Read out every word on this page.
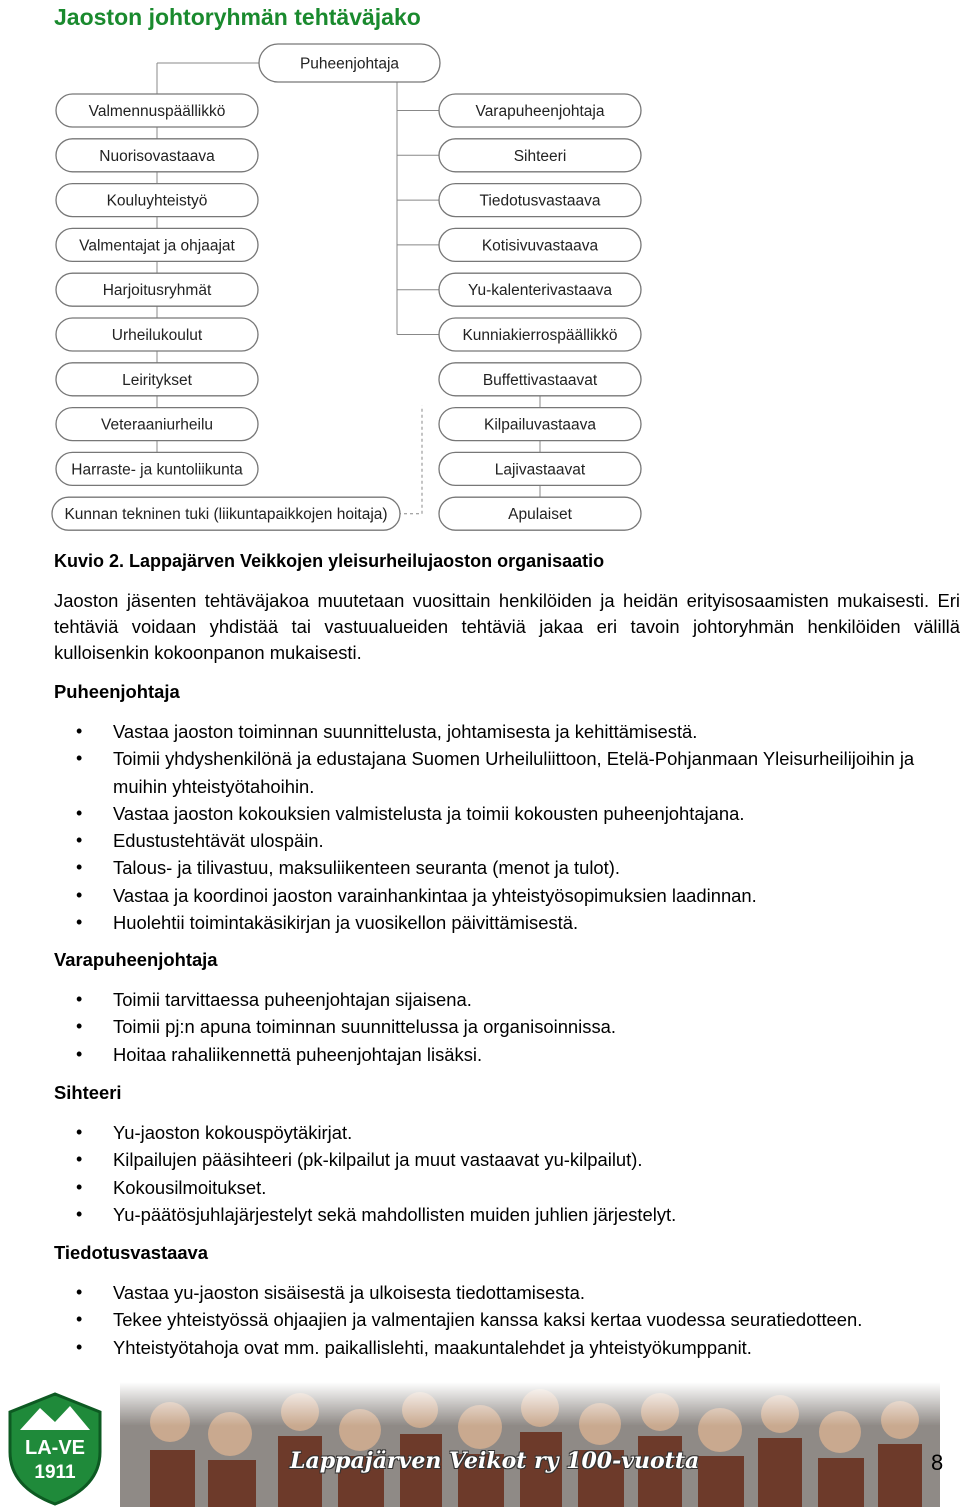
Jaoston johtoryhmän tehtäväjako
Puheenjohtaja
Valmennuspäällikkö
Nuorisovastaava
Kouluyhteistyö
Valmentajat ja ohjaajat
Harjoitusryhmät
Urheilukoulut
Leiritykset
Veteraaniurheilu
Harraste- ja kuntoliikunta
Kunnan tekninen tuki (liikuntapaikkojen hoitaja)
Varapuheenjohtaja
Sihteeri
Tiedotusvastaava
Kotisivuvastaava
Yu-kalenterivastaava
Kunniakierrospäällikkö
Buffettivastaavat
Kilpailuvastaava
Lajivastaavat
Apulaiset
Kuvio 2. Lappajärven Veikkojen yleisurheilujaoston organisaatio
Jaoston jäsenten tehtäväjakoa muutetaan vuosittain henkilöiden ja heidän erityisosaamisten mukaisesti. Eri tehtäviä voidaan yhdistää tai vastuualueiden tehtäviä jakaa eri tavoin johtoryhmän henkilöiden välillä kulloisenkin kokoonpanon mukaisesti.
Puheenjohtaja
• Vastaa jaoston toiminnan suunnittelusta, johtamisesta ja kehittämisestä.
• Toimii yhdyshenkilönä ja edustajana Suomen Urheiluliittoon, Etelä-Pohjanmaan Yleisurheilijoihin ja muihin yhteistyötahoihin.
• Vastaa jaoston kokouksien valmistelusta ja toimii kokousten puheenjohtajana.
• Edustustehtävät ulospäin.
• Talous- ja tilivastuu, maksuliikenteen seuranta (menot ja tulot).
• Vastaa ja koordinoi jaoston varainhankintaa ja yhteistyösopimuksien laadinnan.
• Huolehtii toimintakäsikirjan ja vuosikellon päivittämisestä.
Varapuheenjohtaja
• Toimii tarvittaessa puheenjohtajan sijaisena.
• Toimii pj:n apuna toiminnan suunnittelussa ja organisoinnissa.
• Hoitaa rahaliikennettä puheenjohtajan lisäksi.
Sihteeri
• Yu-jaoston kokouspöytäkirjat.
• Kilpailujen pääsihteeri (pk-kilpailut ja muut vastaavat yu-kilpailut).
• Kokousilmoitukset.
• Yu-päätösjuhlajärjestelyt sekä mahdollisten muiden juhlien järjestelyt.
Tiedotusvastaava
• Vastaa yu-jaoston sisäisestä ja ulkoisesta tiedottamisesta.
• Tekee yhteistyössä ohjaajien ja valmentajien kanssa kaksi kertaa vuodessa seuratiedotteen.
• Yhteistyötahoja ovat mm. paikallislehti, maakuntalehdet ja yhteistyökumppanit.
LA-VE
1911	Lappajärven Veikot ry 100-vuotta	8
